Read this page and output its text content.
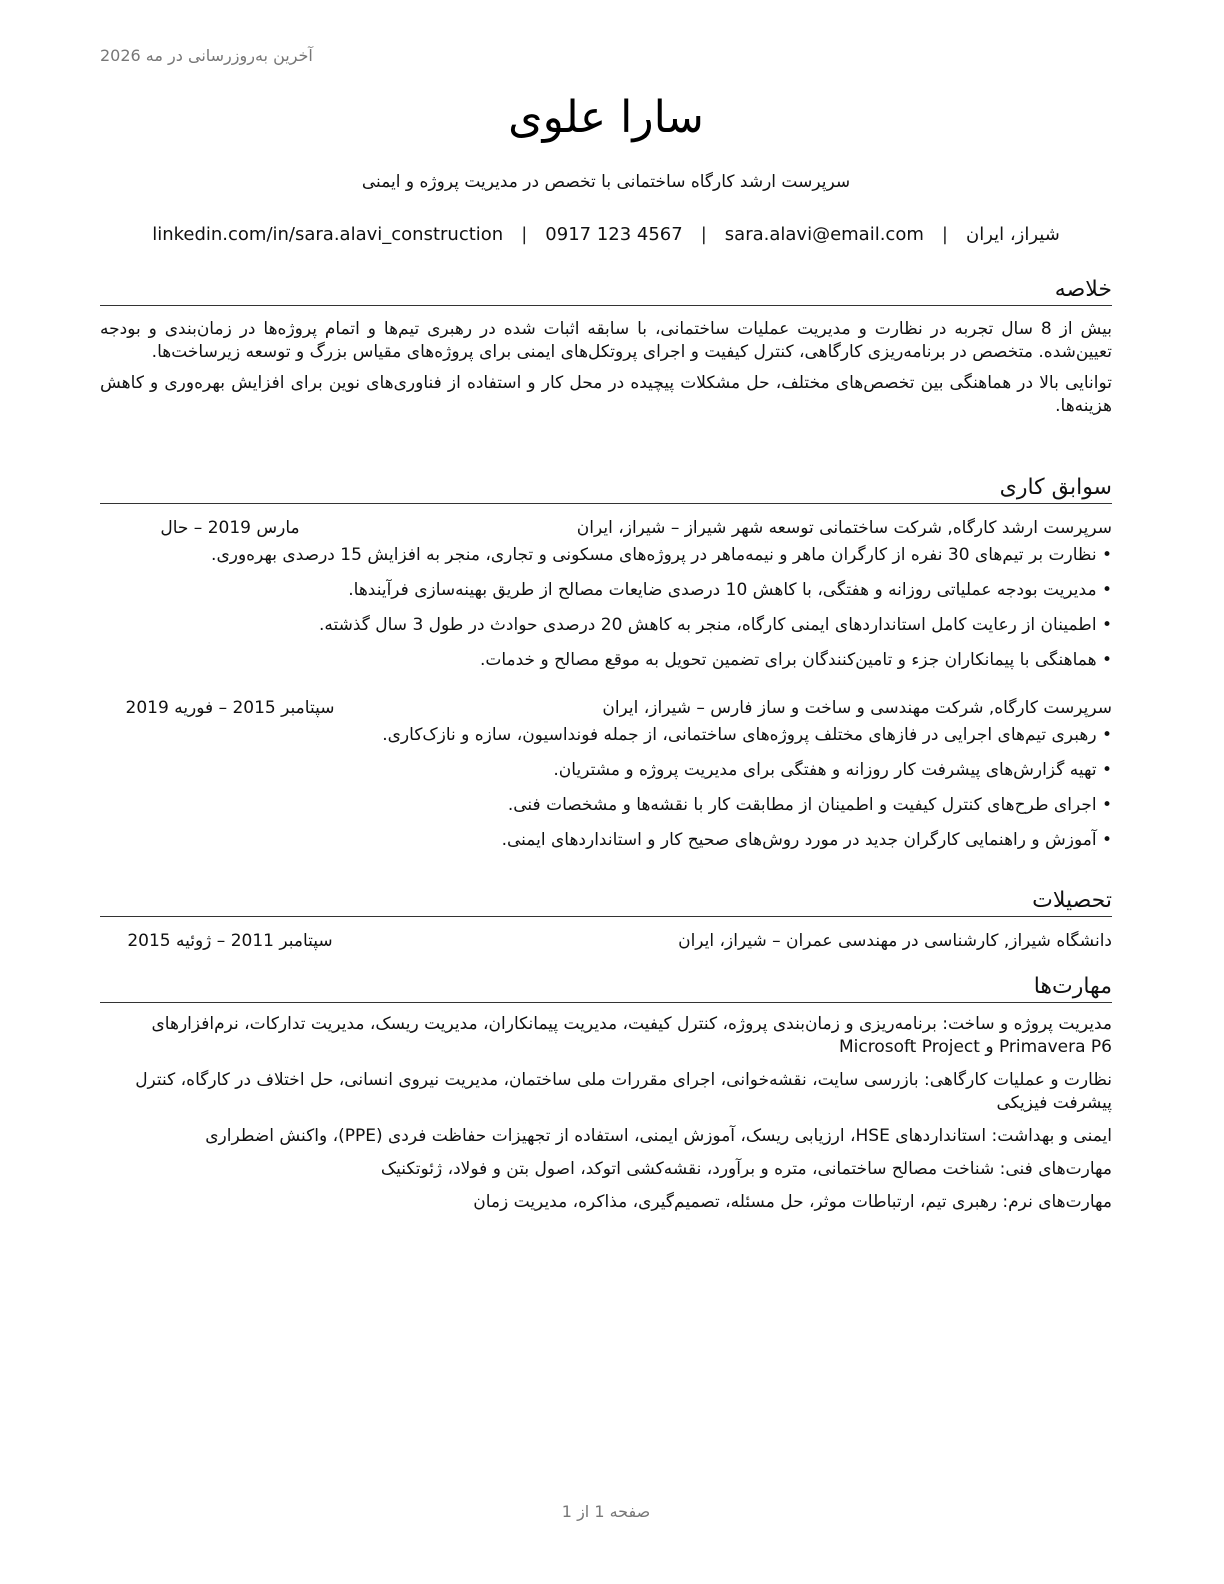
آخرین به‌روزرسانی در مه 2026
سارا علوی
سرپرست ارشد کارگاه ساختمانی با تخصص در مدیریت پروژه و ایمنی
شیراز، ایران|sara.alavi@email.com|0917 123 4567|linkedin.com/in/sara.alavi_construction
خلاصه

بیش از 8 سال تجربه در نظارت و مدیریت عملیات ساختمانی، با سابقه اثبات شده در رهبری تیم‌ها و اتمام پروژه‌ها در زمان‌بندی و بودجه تعیین‌شده. متخصص در برنامه‌ریزی کارگاهی، کنترل کیفیت و اجرای پروتکل‌های ایمنی برای پروژه‌های مقیاس بزرگ و توسعه زیرساخت‌ها.

توانایی بالا در هماهنگی بین تخصص‌های مختلف، حل مشکلات پیچیده در محل کار و استفاده از فناوری‌های نوین برای افزایش بهره‌وری و کاهش هزینه‌ها.

سوابق کاری
سرپرست ارشد کارگاه, شرکت ساختمانی توسعه شهر شیراز – شیراز، ایران
مارس 2019 – حال
• نظارت بر تیم‌های 30 نفره از کارگران ماهر و نیمه‌ماهر در پروژه‌های مسکونی و تجاری، منجر به افزایش 15 درصدی بهره‌وری.
• مدیریت بودجه عملیاتی روزانه و هفتگی، با کاهش 10 درصدی ضایعات مصالح از طریق بهینه‌سازی فرآیندها.
• اطمینان از رعایت کامل استانداردهای ایمنی کارگاه، منجر به کاهش 20 درصدی حوادث در طول 3 سال گذشته.
• هماهنگی با پیمانکاران جزء و تامین‌کنندگان برای تضمین تحویل به موقع مصالح و خدمات.
سرپرست کارگاه, شرکت مهندسی و ساخت و ساز فارس – شیراز، ایران
سپتامبر 2015 – فوریه 2019
• رهبری تیم‌های اجرایی در فازهای مختلف پروژه‌های ساختمانی، از جمله فونداسیون، سازه و نازک‌کاری.
• تهیه گزارش‌های پیشرفت کار روزانه و هفتگی برای مدیریت پروژه و مشتریان.
• اجرای طرح‌های کنترل کیفیت و اطمینان از مطابقت کار با نقشه‌ها و مشخصات فنی.
• آموزش و راهنمایی کارگران جدید در مورد روش‌های صحیح کار و استانداردهای ایمنی.
تحصیلات
دانشگاه شیراز, کارشناسی در مهندسی عمران – شیراز، ایران
سپتامبر 2011 – ژوئیه 2015
مهارت‌ها

مدیریت پروژه و ساخت: برنامه‌ریزی و زمان‌بندی پروژه، کنترل کیفیت، مدیریت پیمانکاران، مدیریت ریسک، مدیریت تدارکات، نرم‌افزارهای Primavera P6 و Microsoft Project

نظارت و عملیات کارگاهی: بازرسی سایت، نقشه‌خوانی، اجرای مقررات ملی ساختمان، مدیریت نیروی انسانی، حل اختلاف در کارگاه، کنترل پیشرفت فیزیکی

ایمنی و بهداشت: استانداردهای HSE، ارزیابی ریسک، آموزش ایمنی، استفاده از تجهیزات حفاظت فردی (PPE)، واکنش اضطراری

مهارت‌های فنی: شناخت مصالح ساختمانی، متره و برآورد، نقشه‌کشی اتوکد، اصول بتن و فولاد، ژئوتکنیک

مهارت‌های نرم: رهبری تیم، ارتباطات موثر، حل مسئله، تصمیم‌گیری، مذاکره، مدیریت زمان

صفحه 1 از 1
